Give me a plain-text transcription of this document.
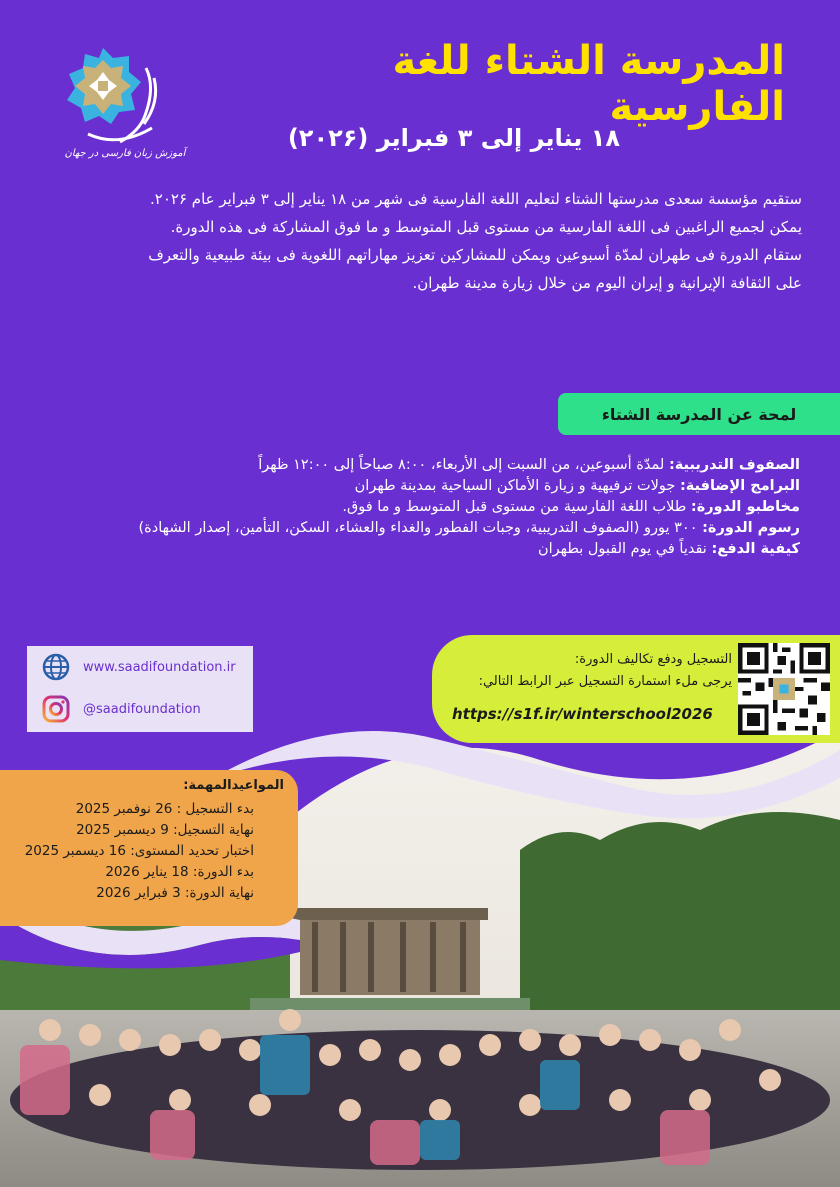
آموزش زبان فارسی در جهان
المدرسة الشتاء للغة الفارسية
۱۸ ینایر إلی ۳ فبرایر (۲۰۲۶)

ستقیم مؤسسة سعدی مدرستها الشتاء لتعلیم اللغة الفارسیة فی شهر من ۱۸ ینایر إلی ۳ فبرایر عام ۲۰۲۶.

یمکن لجمیع الراغبین فی اللغة الفارسیة من مستوی قبل المتوسط و ما فوق المشارکة فی هذه الدورة.

ستقام الدورة فی طهران لمدّة أسبوعین ویمکن للمشارکین تعزیز مهاراتهم اللغویة فی بیئة طبیعیة والتعرف

علی الثقافة الإیرانیة و إیران الیوم من خلال زیارة مدینة طهران.

لمحة عن المدرسة الشتاء
الصفوف التدریبیة: لمدّة أسبوعین، من السبت إلی الأربعاء، ۸:۰۰ صباحاً إلی ۱۲:۰۰ ظهراً
البرامج الإضافیة: جولات ترفیهیة و زیارة الأماکن السیاحیة بمدینة طهران
مخاطبو الدورة: طلاب اللغة الفارسیة من مستوی قبل المتوسط و ما فوق.
رسوم الدورة: ۳۰۰ یورو (الصفوف التدریبیة، وجبات الفطور والغداء والعشاء، السکن، التأمین، إصدار الشهادة)
کیفیة الدفع: نقدیاً في یوم القبول بطهران
www.saadifoundation.ir
@saadifoundation
التسجیل ودفع تکالیف الدورة:
یرجی ملء استمارة التسجیل عبر الرابط التالي:
https://s1f.ir/winterschool2026
المواعیدالمهمة:
بدء التسجیل : 26 نوفمبر 2025
نهایة التسجیل: 9 دیسمبر 2025
اختبار تحدید المستوی: 16 دیسمبر 2025
بدء الدورة: 18 ینایر 2026
نهایة الدورة: 3 فبرایر 2026
